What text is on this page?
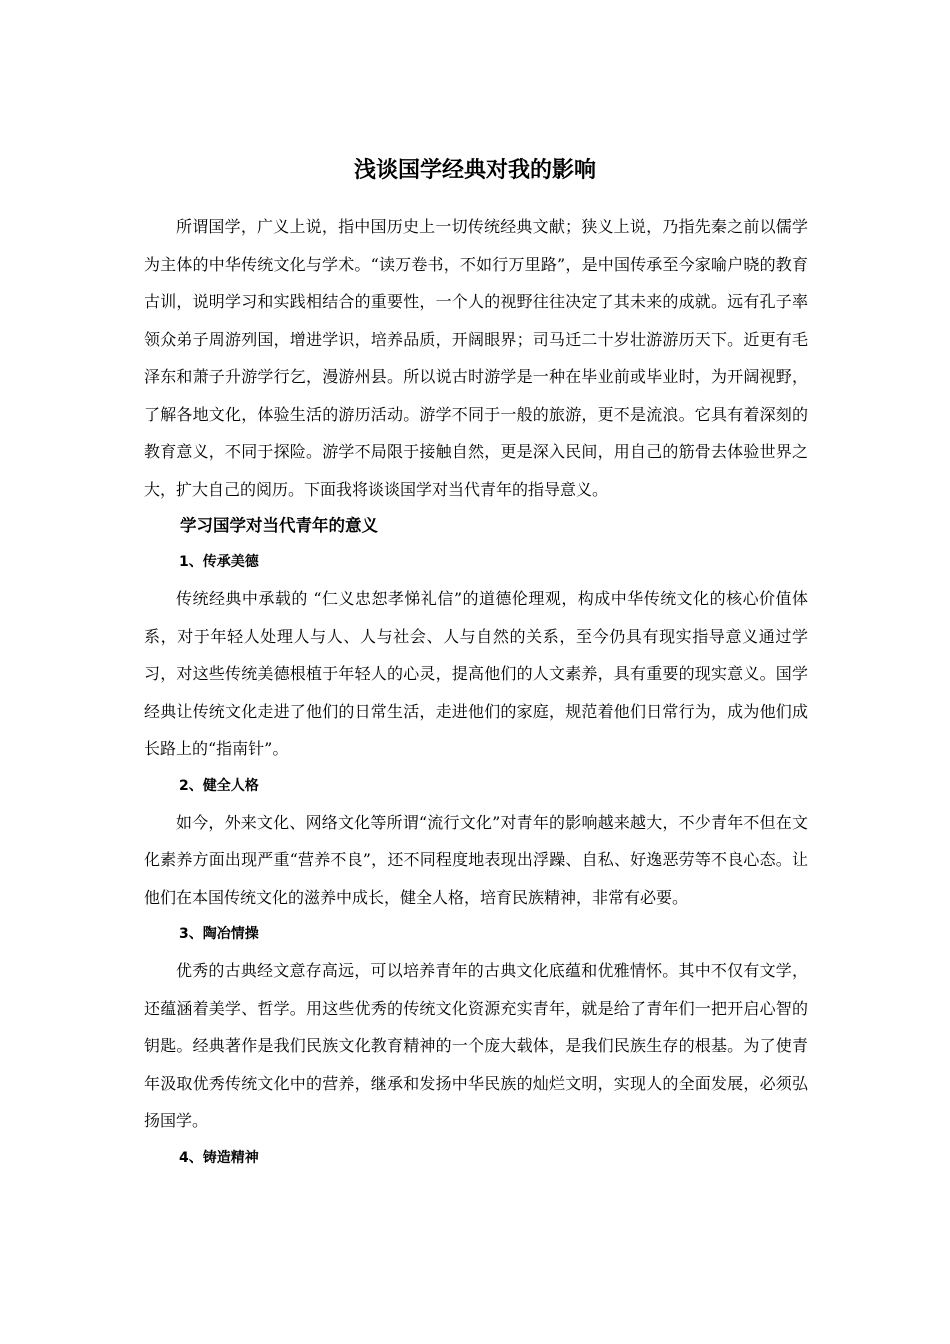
浅谈国学经典对我的影响

所谓国学，广义上说，指中国历史上一切传统经典文献；狭义上说，乃指先秦之前以儒学为主体的中华传统文化与学术。“读万卷书，不如行万里路”，是中国传承至今家喻户晓的教育古训，说明学习和实践相结合的重要性，一个人的视野往往决定了其未来的成就。远有孔子率领众弟子周游列国，增进学识，培养品质，开阔眼界；司马迁二十岁壮游游历天下。近更有毛泽东和萧子升游学行乞，漫游州县。所以说古时游学是一种在毕业前或毕业时，为开阔视野，了解各地文化，体验生活的游历活动。游学不同于一般的旅游，更不是流浪。它具有着深刻的教育意义，不同于探险。游学不局限于接触自然，更是深入民间，用自己的筋骨去体验世界之大，扩大自己的阅历。下面我将谈谈国学对当代青年的指导意义。

学习国学对当代青年的意义

1、传承美德

传统经典中承载的 “仁义忠恕孝悌礼信”的道德伦理观，构成中华传统文化的核心价值体系，对于年轻人处理人与人、人与社会、人与自然的关系，至今仍具有现实指导意义通过学习，对这些传统美德根植于年轻人的心灵，提高他们的人文素养，具有重要的现实意义。国学经典让传统文化走进了他们的日常生活，走进他们的家庭，规范着他们日常行为，成为他们成长路上的“指南针”。

2、健全人格

如今，外来文化、网络文化等所谓“流行文化”对青年的影响越来越大，不少青年不但在文化素养方面出现严重“营养不良”，还不同程度地表现出浮躁、自私、好逸恶劳等不良心态。让他们在本国传统文化的滋养中成长，健全人格，培育民族精神，非常有必要。

3、陶冶情操

优秀的古典经文意存高远，可以培养青年的古典文化底蕴和优雅情怀。其中不仅有文学，还蕴涵着美学、哲学。用这些优秀的传统文化资源充实青年，就是给了青年们一把开启心智的钥匙。经典著作是我们民族文化教育精神的一个庞大载体，是我们民族生存的根基。为了使青年汲取优秀传统文化中的营养，继承和发扬中华民族的灿烂文明，实现人的全面发展，必须弘扬国学。

4、铸造精神
